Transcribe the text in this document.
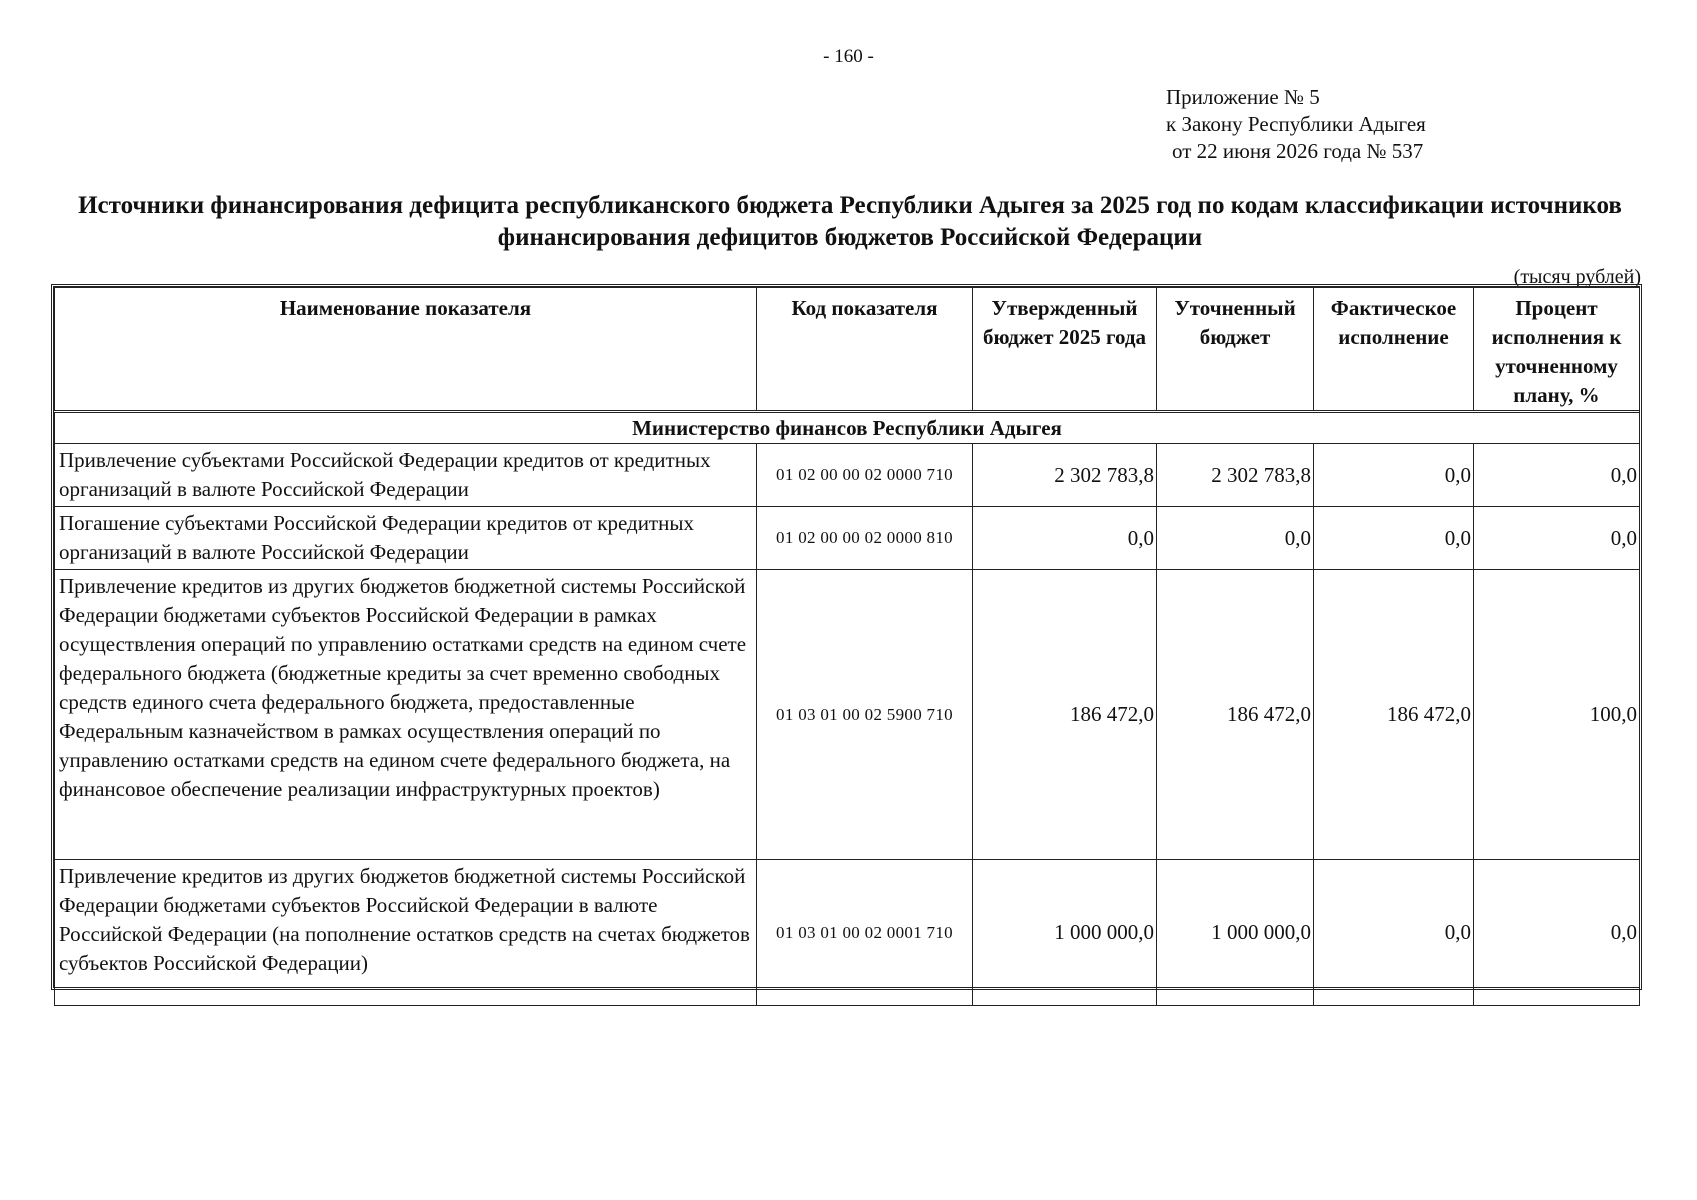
- 160 -
Приложение № 5
к Закону Республики Адыгея
от 22 июня 2026 года № 537
Источники финансирования дефицита республиканского бюджета Республики Адыгея за 2025 год по кодам классификации источников финансирования дефицитов бюджетов Российской Федерации
(тысяч рублей)
Наименование показателя	Код показателя	Утвержденный бюджет 2025 года	Уточненный бюджет	Фактическое исполнение	Процент исполнения к уточненному плану, %
Министерство финансов Республики Адыгея					
Привлечение субъектами Российской Федерации кредитов от кредитных организаций в валюте Российской Федерации	01 02 00 00 02 0000 710	2 302 783,8	2 302 783,8	0,0	0,0
Погашение субъектами Российской Федерации кредитов от кредитных организаций в валюте Российской Федерации	01 02 00 00 02 0000 810	0,0	0,0	0,0	0,0
Привлечение кредитов из других бюджетов бюджетной системы Российской Федерации бюджетами субъектов Российской Федерации в рамках осуществления операций по управлению остатками средств на едином счете федерального бюджета (бюджетные кредиты за счет временно свободных средств единого счета федерального бюджета, предоставленные Федеральным казначейством в рамках осуществления операций по управлению остатками средств на едином счете федерального бюджета, на финансовое обеспечение реализации инфраструктурных проектов)	01 03 01 00 02 5900 710	186 472,0	186 472,0	186 472,0	100,0
Привлечение кредитов из других бюджетов бюджетной системы Российской Федерации бюджетами субъектов Российской Федерации в валюте Российской Федерации (на пополнение остатков средств на счетах бюджетов субъектов Российской Федерации)	01 03 01 00 02 0001 710	1 000 000,0	1 000 000,0	0,0	0,0
